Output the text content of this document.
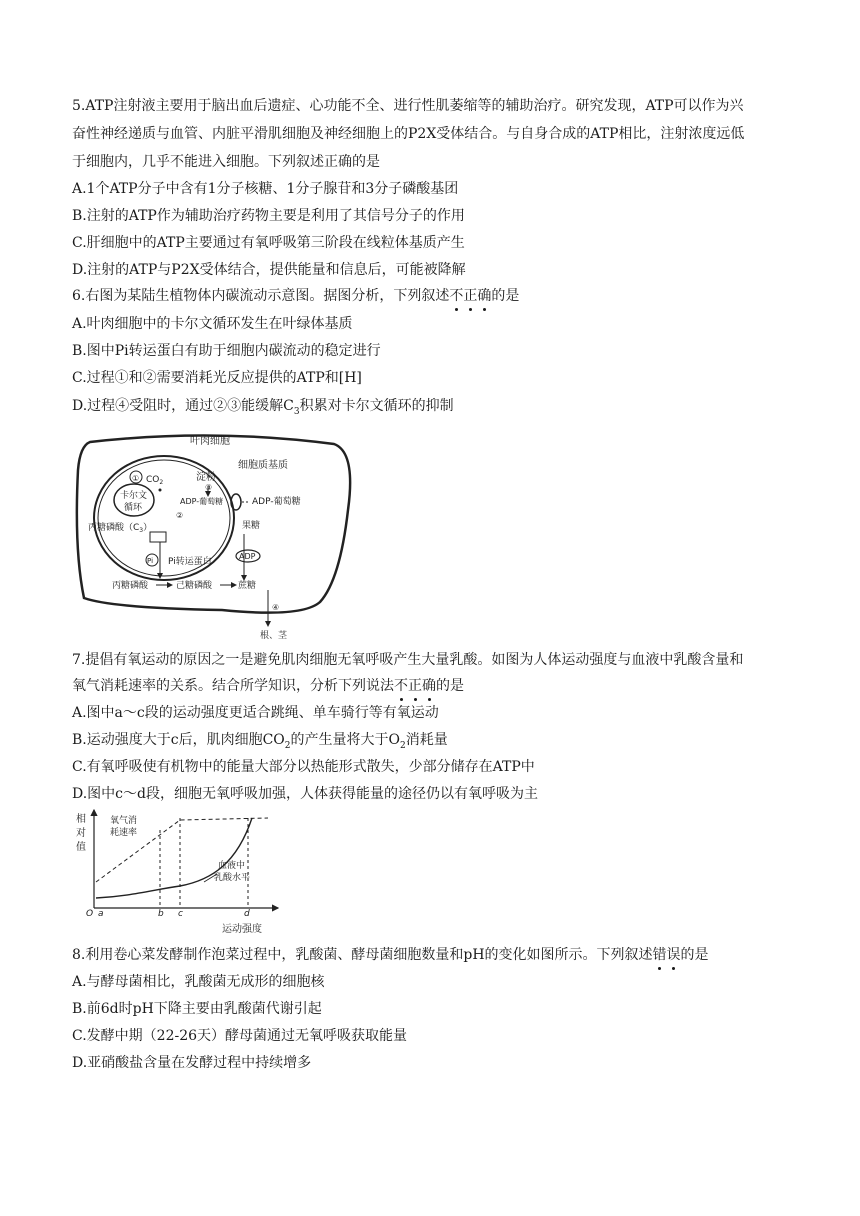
5.ATP注射液主要用于脑出血后遗症、心功能不全、进行性肌萎缩等的辅助治疗。研究发现，ATP可以作为兴
奋性神经递质与血管、内脏平滑肌细胞及神经细胞上的P2X受体结合。与自身合成的ATP相比，注射浓度远低
于细胞内，几乎不能进入细胞。下列叙述正确的是
A.1个ATP分子中含有1分子核糖、1分子腺苷和3分子磷酸基团
B.注射的ATP作为辅助治疗药物主要是利用了其信号分子的作用
C.肝细胞中的ATP主要通过有氧呼吸第三阶段在线粒体基质产生
D.注射的ATP与P2X受体结合，提供能量和信息后，可能被降解
6.右图为某陆生植物体内碳流动示意图。据图分析，下列叙述不正确的是
A.叶肉细胞中的卡尔文循环发生在叶绿体基质
B.图中Pi转运蛋白有助于细胞内碳流动的稳定进行
C.过程①和②需要消耗光反应提供的ATP和[H]
D.过程④受阻时，通过②③能缓解$C_3$积累对卡尔文循环的抑制
叶肉细胞
细胞质基质
① $CO_2$
卡尔文
循环
淀粉
③
ADP-葡萄糖
②
ADP-葡萄糖
丙糖磷酸$(C_3)$	果糖
ADP
Pi Pi转运蛋白
丙糖磷酸	己糖磷酸	蔗糖
④
根、茎
7.提倡有氧运动的原因之一是避免肌肉细胞无氧呼吸产生大量乳酸。如图为人体运动强度与血液中乳酸含量和
氧气消耗速率的关系。结合所学知识，分析下列说法不正确的是
A.图中a～c段的运动强度更适合跳绳、单车骑行等有氧运动
B.运动强度大于c后，肌肉细胞$CO_2$的产生量将大于$O_2$消耗量
C.有氧呼吸使有机物中的能量大部分以热能形式散失，少部分储存在ATP中
D.图中c～d段，细胞无氧呼吸加强，人体获得能量的途径仍以有氧呼吸为主
相
对
值
O a	b c	d
运动强度
氧气消
耗速率
血液中
乳酸水平
8.利用卷心菜发酵制作泡菜过程中，乳酸菌、酵母菌细胞数量和pH的变化如图所示。下列叙述错误的是
A.与酵母菌相比，乳酸菌无成形的细胞核
B.前6d时pH下降主要由乳酸菌代谢引起
C.发酵中期（22-26天）酵母菌通过无氧呼吸获取能量
D.亚硝酸盐含量在发酵过程中持续增多
